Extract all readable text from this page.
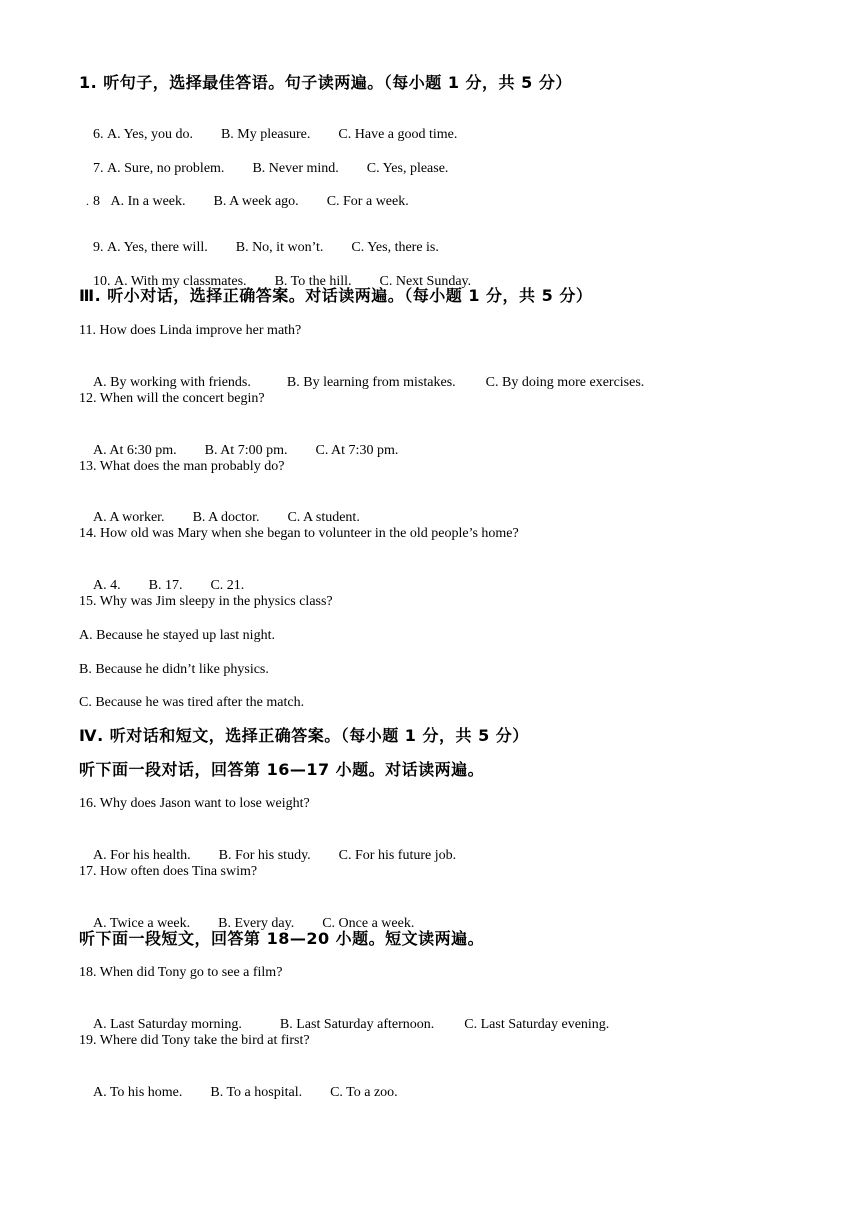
1. 听句子，选择最佳答语。句子读两遍。（每小题 1 分，共 5 分）

6. A. Yes, you do. B. My pleasure. C. Have a good time.

7. A. Sure, no problem. B. Never mind. C. Yes, please.

8 A. In a week. B. A week ago. C. For a week.

.

9. A. Yes, there will. B. No, it won’t. C. Yes, there is.

10. A. With my classmates. B. To the hill. C. Next Sunday.

Ⅲ. 听小对话，选择正确答案。对话读两遍。（每小题 1 分，共 5 分）
11. How does Linda improve her math?

A. By working with friends.	B. By learning from mistakes. C. By doing more exercises.

12. When will the concert begin?

A. At 6:30 pm. B. At 7:00 pm. C. At 7:30 pm.

13. What does the man probably do?

A. A worker. B. A doctor. C. A student.

14. How old was Mary when she began to volunteer in the old people’s home?

A. 4. B. 17. C. 21.

15. Why was Jim sleepy in the physics class?
A. Because he stayed up last night.
B. Because he didn’t like physics.
C. Because he was tired after the match.
Ⅳ. 听对话和短文，选择正确答案。（每小题 1 分，共 5 分）
听下面一段对话，回答第 16—17 小题。对话读两遍。
16. Why does Jason want to lose weight?

A. For his health. B. For his study. C. For his future job.

17. How often does Tina swim?

A. Twice a week. B. Every day. C. Once a week.

听下面一段短文，回答第 18—20 小题。短文读两遍。
18. When did Tony go to see a film?

A. Last Saturday morning.	B. Last Saturday afternoon. C. Last Saturday evening.

19. Where did Tony take the bird at first?

A. To his home. B. To a hospital. C. To a zoo.
